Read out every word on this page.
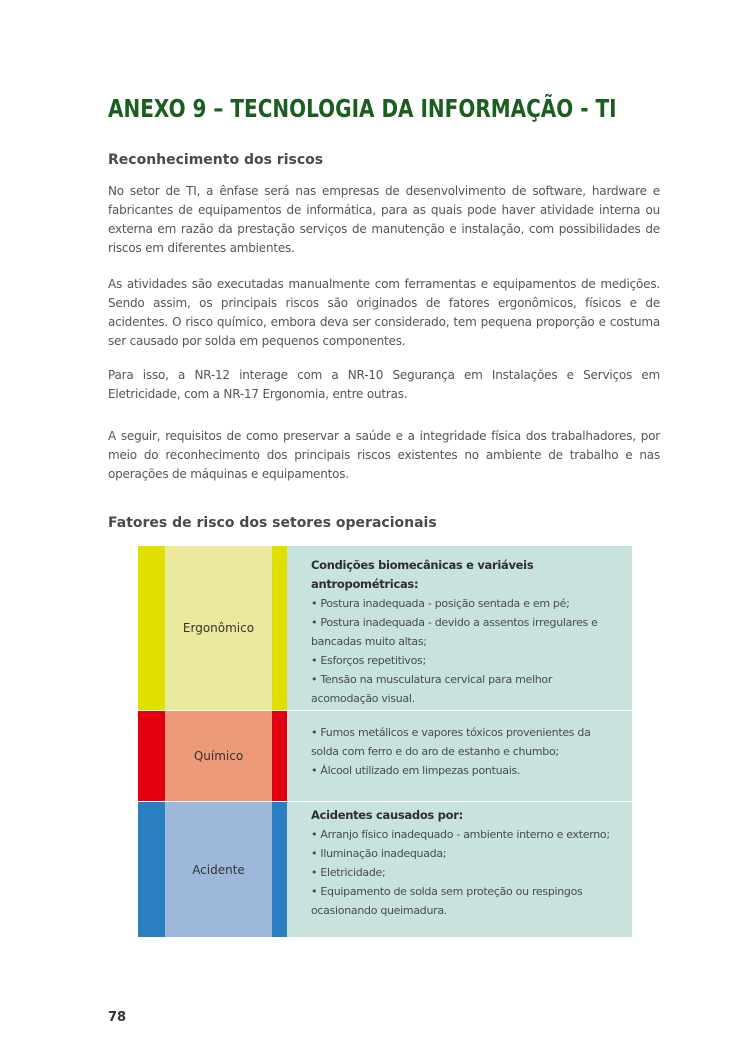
ANEXO 9 – TECNOLOGIA DA INFORMAÇÃO - TI
Reconhecimento dos riscos

No setor de TI, a ênfase será nas empresas de desenvolvimento de software, hardware e fabricantes de equipamentos de informática, para as quais pode haver atividade interna ou externa em razão da prestação serviços de manutenção e instalação, com possibilidades de riscos em diferentes ambientes.

As atividades são executadas manualmente com ferramentas e equipamentos de medições. Sendo assim, os principais riscos são originados de fatores ergonômicos, físicos e de acidentes. O risco químico, embora deva ser considerado, tem pequena proporção e costuma ser causado por solda em pequenos componentes.

Para isso, a NR-12 interage com a NR-10 Segurança em Instalações e Serviços em Eletricidade, com a NR-17 Ergonomia, entre outras.

A seguir, requisitos de como preservar a saúde e a integridade física dos trabalhadores, por meio do reconhecimento dos principais riscos existentes no ambiente de trabalho e nas operações de máquinas e equipamentos.

Fatores de risco dos setores operacionais
Ergonômico
Condições biomecânicas e variáveis antropométricas:
• Postura inadequada - posição sentada e em pé;
• Postura inadequada - devido a assentos irregulares e bancadas muito altas;
• Esforços repetitivos;
• Tensão na musculatura cervical para melhor acomodação visual.
Químico
• Fumos metálicos e vapores tóxicos provenientes da solda com ferro e do aro de estanho e chumbo;
• Álcool utilizado em limpezas pontuais.
Acidente
Acidentes causados por:
• Arranjo físico inadequado - ambiente interno e externo;
• Iluminação inadequada;
• Eletricidade;
• Equipamento de solda sem proteção ou respingos ocasionando queimadura.
78
